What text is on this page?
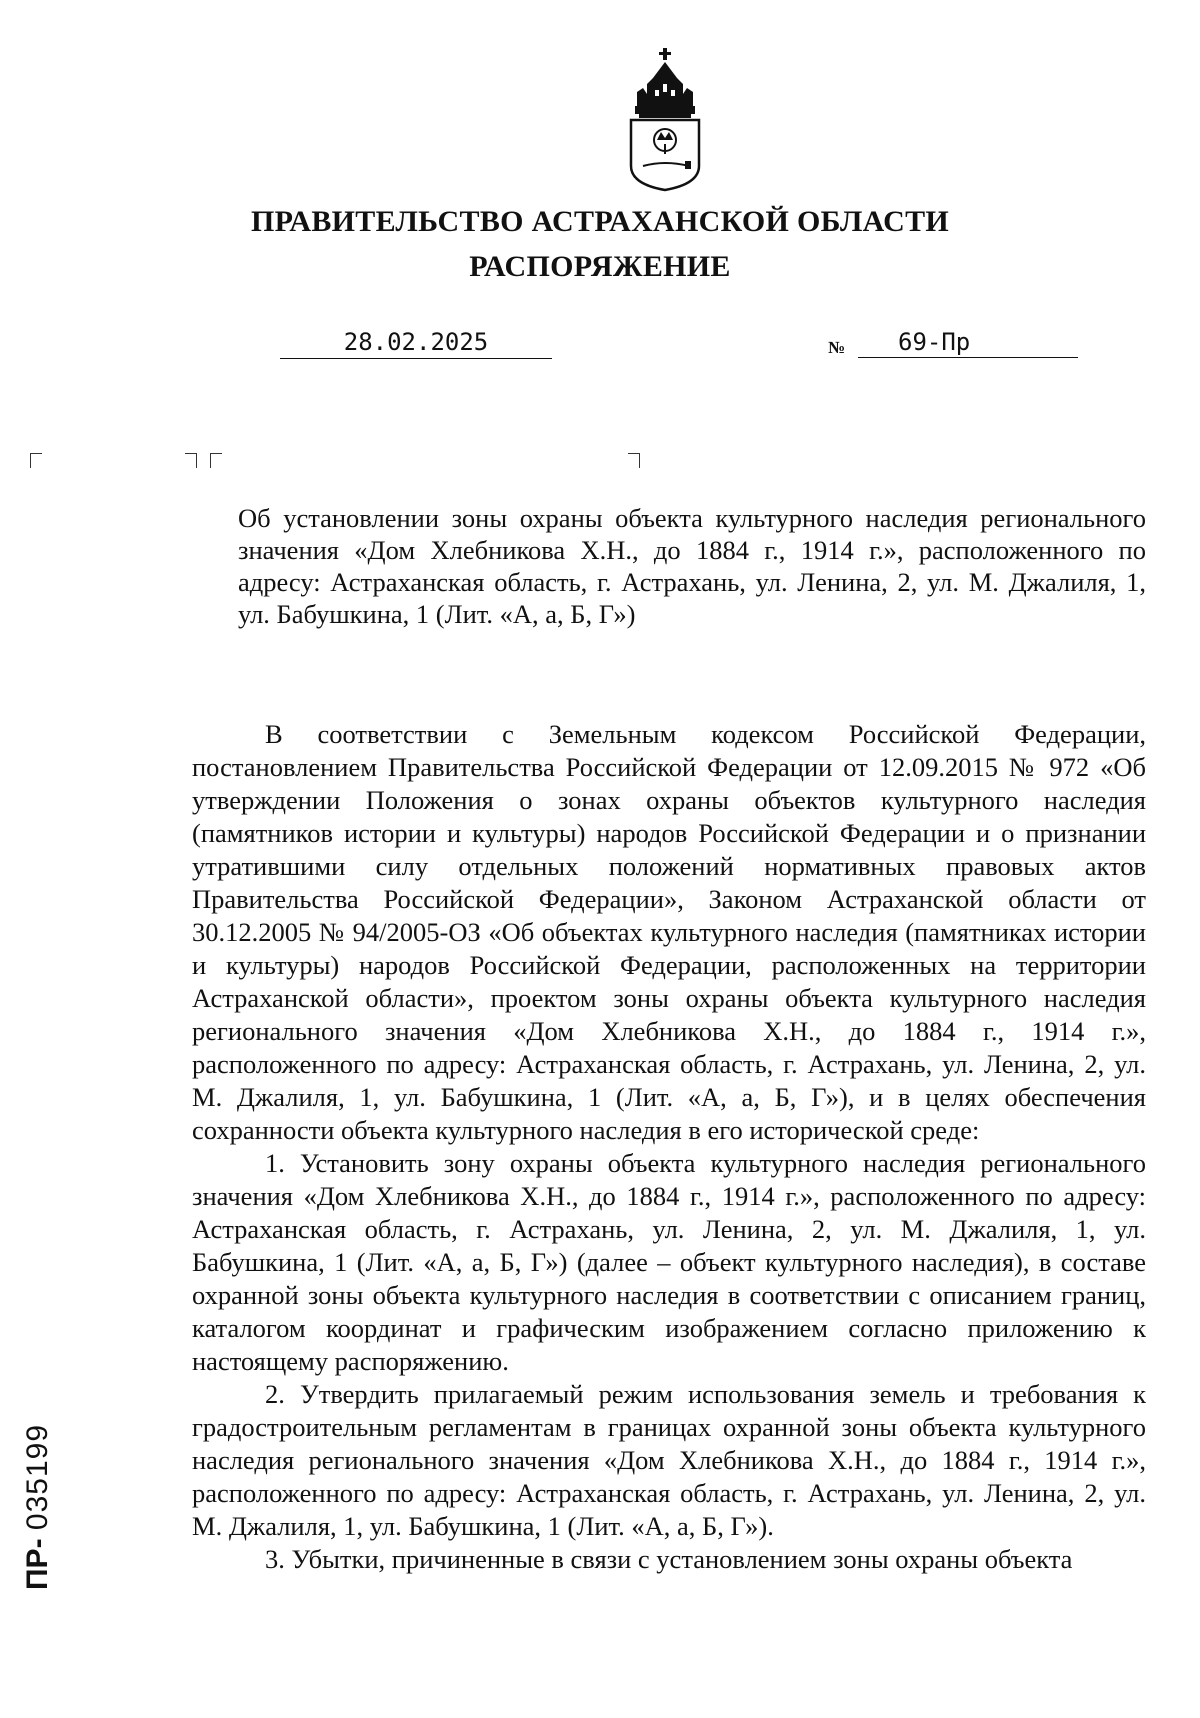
ПРАВИТЕЛЬСТВО АСТРАХАНСКОЙ ОБЛАСТИ
РАСПОРЯЖЕНИЕ
28.02.2025	№	69-Пр
Об установлении зоны охраны объекта культурного наследия регионального значения «Дом Хлебникова Х.Н., до 1884 г., 1914 г.», расположенного по адресу: Астраханская область, г. Астрахань, ул. Ленина, 2, ул. М. Джалиля, 1, ул. Бабушкина, 1 (Лит. «А, а, Б, Г»)

В соответствии с Земельным кодексом Российской Федерации, постановлением Правительства Российской Федерации от 12.09.2015 № 972 «Об утверждении Положения о зонах охраны объектов культурного наследия (памятников истории и культуры) народов Российской Федерации и о признании утратившими силу отдельных положений нормативных правовых актов Правительства Российской Федерации», Законом Астраханской области от 30.12.2005 № 94/2005-ОЗ «Об объектах культурного наследия (памятниках истории и культуры) народов Российской Федерации, расположенных на территории Астраханской области», проектом зоны охраны объекта культурного наследия регионального значения «Дом Хлебникова Х.Н., до 1884 г., 1914 г.», расположенного по адресу: Астраханская область, г. Астрахань, ул. Ленина, 2, ул. М. Джалиля, 1, ул. Бабушкина, 1 (Лит. «А, а, Б, Г»), и в целях обеспечения сохранности объекта культурного наследия в его исторической среде:

1. Установить зону охраны объекта культурного наследия регионального значения «Дом Хлебникова Х.Н., до 1884 г., 1914 г.», расположенного по адресу: Астраханская область, г. Астрахань, ул. Ленина, 2, ул. М. Джалиля, 1, ул. Бабушкина, 1 (Лит. «А, а, Б, Г») (далее – объект культурного наследия), в составе охранной зоны объекта культурного наследия в соответствии с описанием границ, каталогом координат и графическим изображением согласно приложению к настоящему распоряжению.

2. Утвердить прилагаемый режим использования земель и требования к градостроительным регламентам в границах охранной зоны объекта культурного наследия регионального значения «Дом Хлебникова Х.Н., до 1884 г., 1914 г.», расположенного по адресу: Астраханская область, г. Астрахань, ул. Ленина, 2, ул. М. Джалиля, 1, ул. Бабушкина, 1 (Лит. «А, а, Б, Г»).

3. Убытки, причиненные в связи с установлением зоны охраны объекта

ПР- 035199
